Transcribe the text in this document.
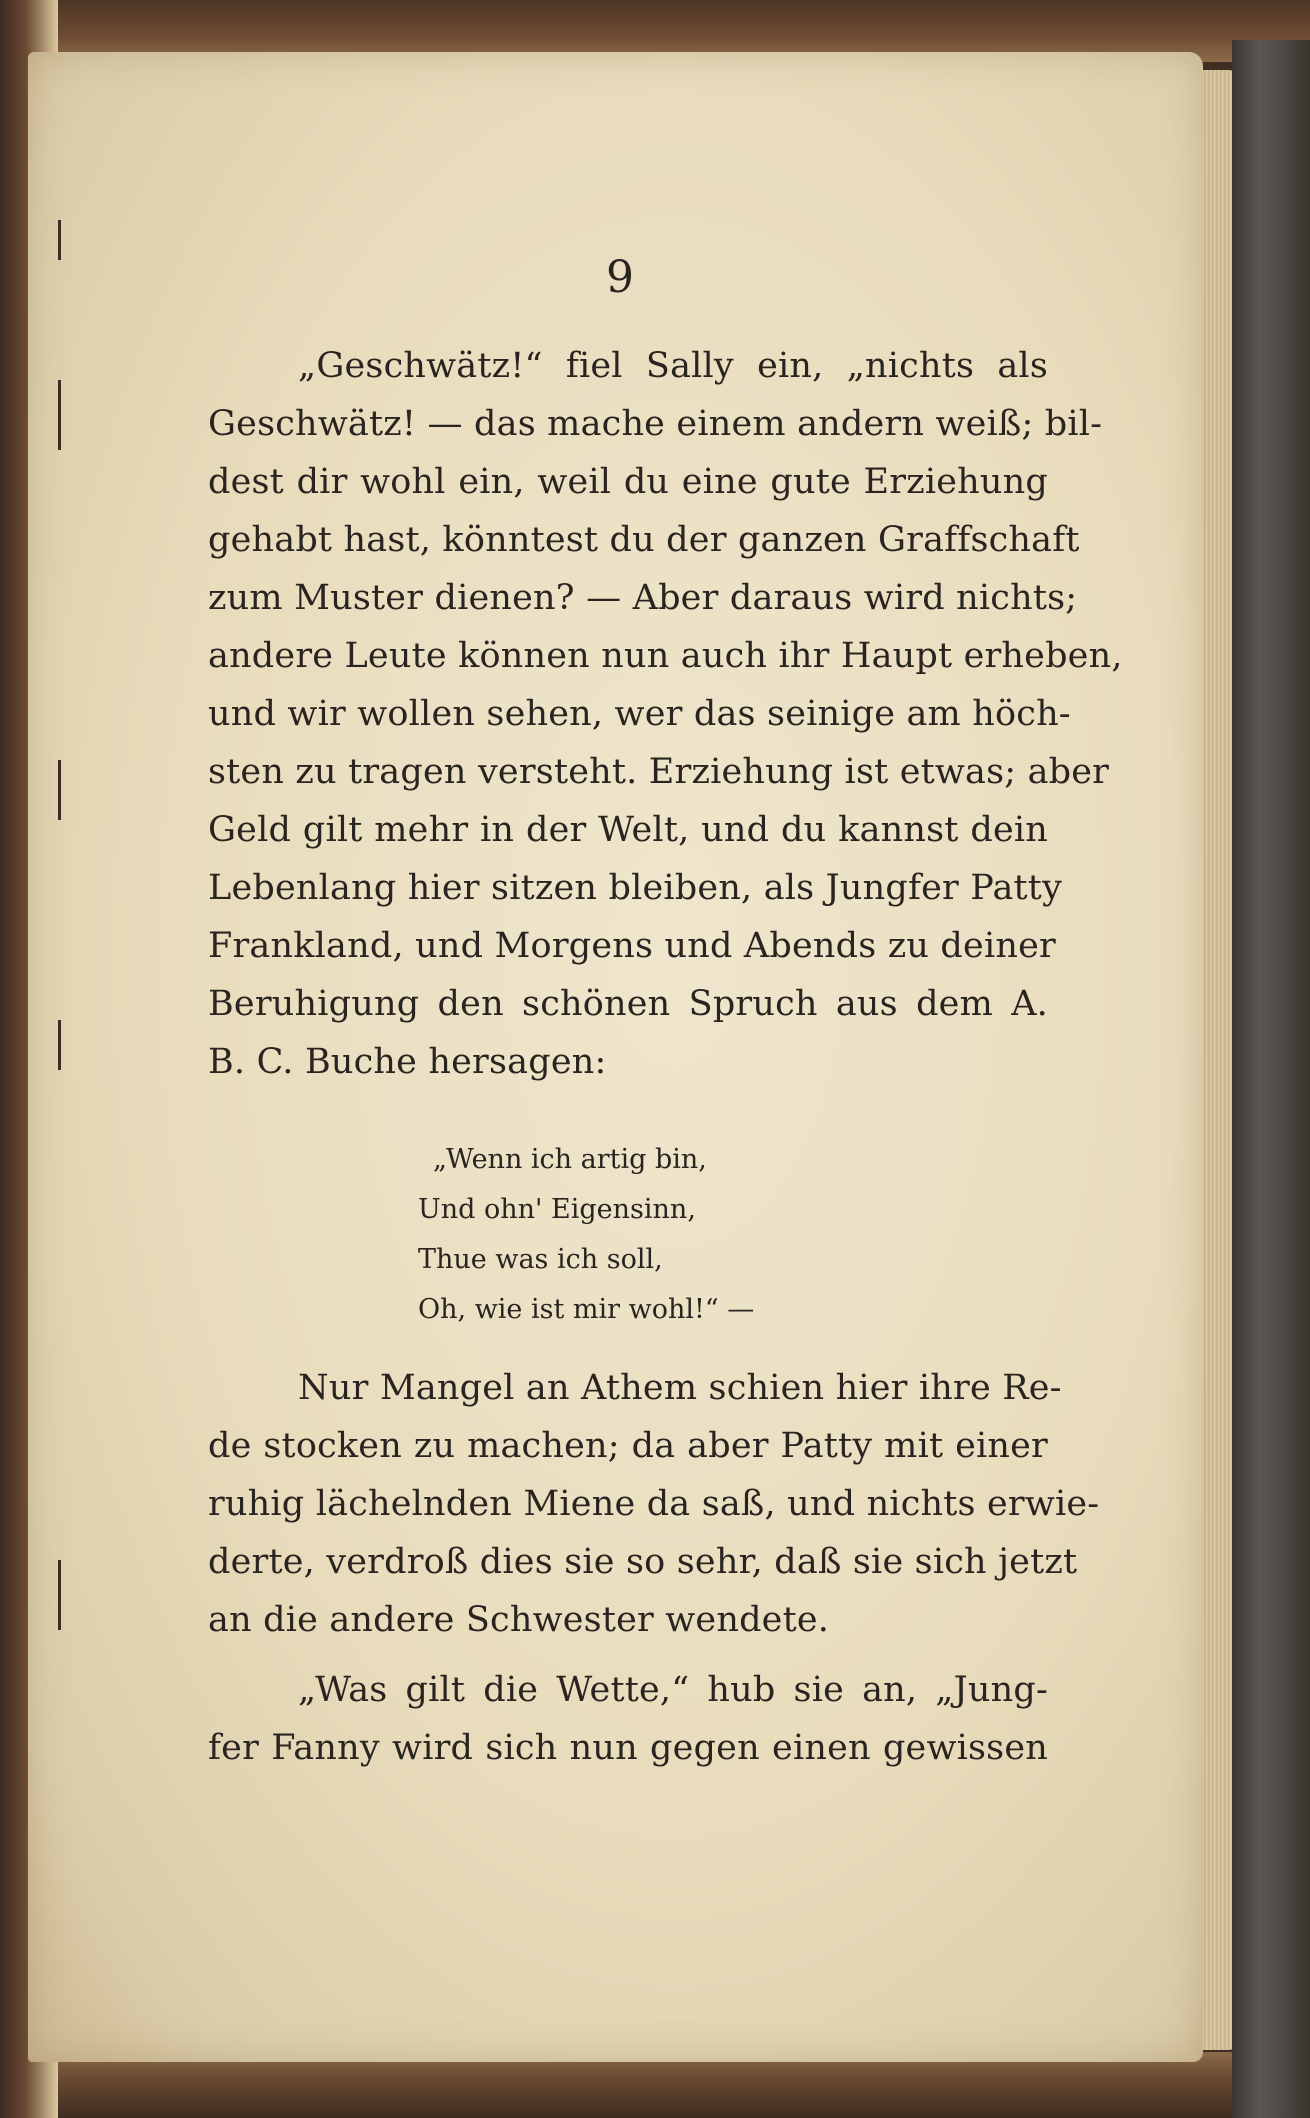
9
„Geschwätz!“ fiel Sally ein, „nichts als
Geschwätz! — das mache einem andern weiß; bil-
dest dir wohl ein, weil du eine gute Erziehung
gehabt hast, könntest du der ganzen Graffschaft
zum Muster dienen? — Aber daraus wird nichts;
andere Leute können nun auch ihr Haupt erheben,
und wir wollen sehen, wer das seinige am höch-
sten zu tragen versteht. Erziehung ist etwas; aber
Geld gilt mehr in der Welt, und du kannst dein
Lebenlang hier sitzen bleiben, als Jungfer Patty
Frankland, und Morgens und Abends zu deiner
Beruhigung den schönen Spruch aus dem A.
B. C. Buche hersagen:
„Wenn ich artig bin,
Und ohn' Eigensinn,
Thue was ich soll,
Oh, wie ist mir wohl!“ —
Nur Mangel an Athem schien hier ihre Re-
de stocken zu machen; da aber Patty mit einer
ruhig lächelnden Miene da saß, und nichts erwie-
derte, verdroß dies sie so sehr, daß sie sich jetzt
an die andere Schwester wendete.
„Was gilt die Wette,“ hub sie an, „Jung-
fer Fanny wird sich nun gegen einen gewissen
